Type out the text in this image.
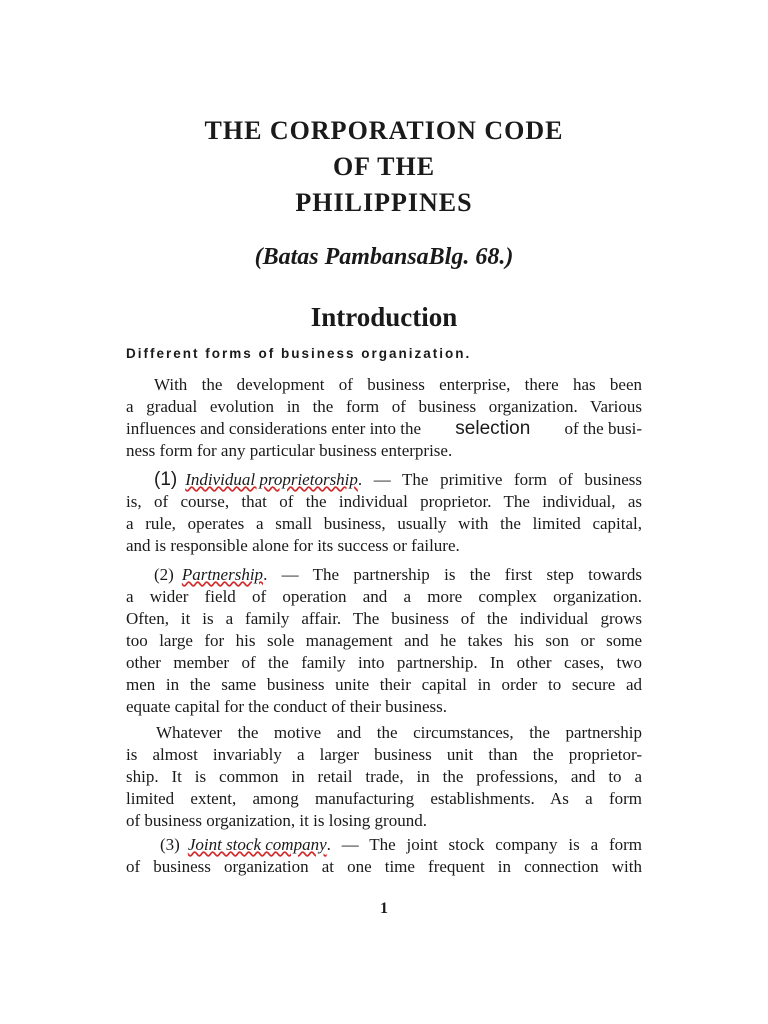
THE CORPORATION CODE
OF THE
PHILIPPINES

(Batas PambansaBlg. 68.)

Introduction

Different forms of business organization.

With the development of business enterprise, there has been
a gradual evolution in the form of business organization. Various
influences and considerations enter into the selection of the busi-
ness form for any particular business enterprise.
(1) Individual proprietorship . — The primitive form of business
is, of course, that of the individual proprietor. The individual, as
a rule, operates a small business, usually with the limited capital,
and is responsible alone for its success or failure.
(2) Partnership . — The partnership is the first step towards
a wider field of operation and a more complex organization.
Often, it is a family affair. The business of the individual grows
too large for his sole management and he takes his son or some
other member of the family into partnership. In other cases, two
men in the same business unite their capital in order to secure ad
equate capital for the conduct of their business.
Whatever the motive and the circumstances, the partnership
is almost invariably a larger business unit than the proprietor-
ship. It is common in retail trade, in the professions, and to a
limited extent, among manufacturing establishments. As a form
of business organization, it is losing ground.
(3) Joint stock company . — The joint stock company is a form
of business organization at one time frequent in connection with

1
